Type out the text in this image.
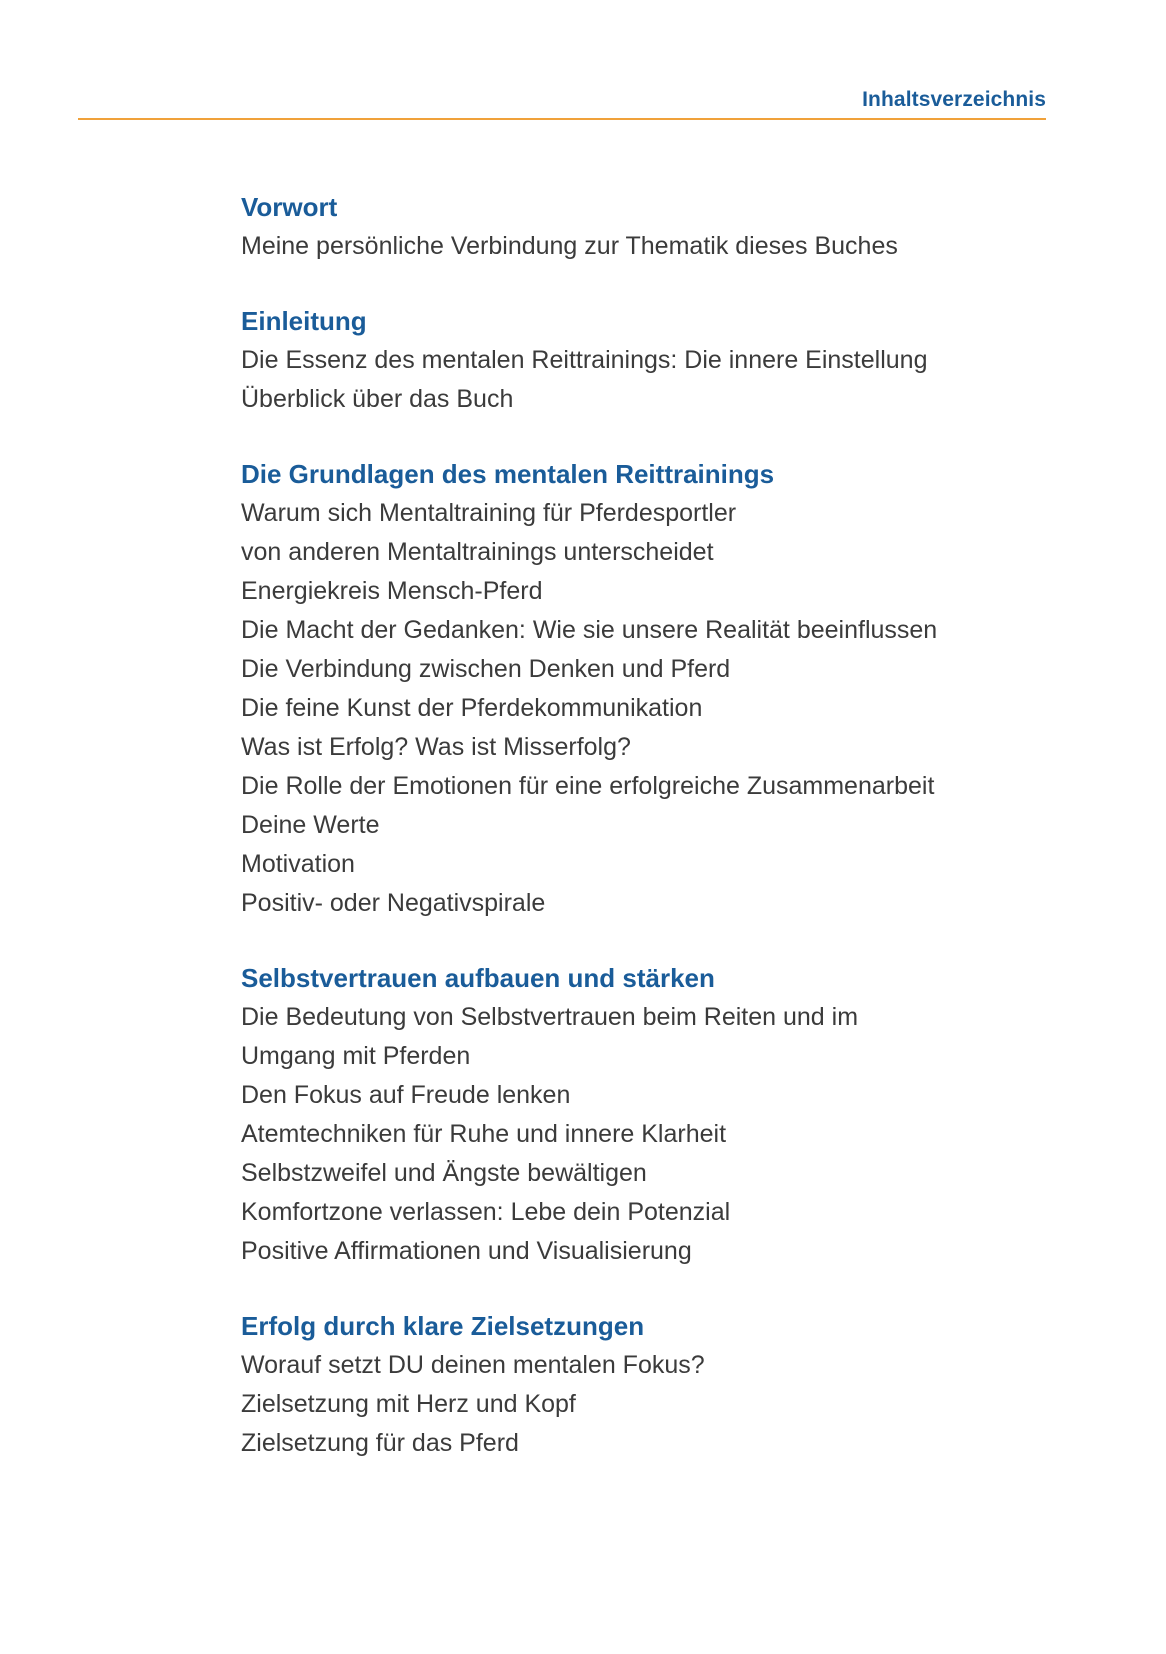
Inhaltsverzeichnis
Vorwort
Meine persönliche Verbindung zur Thematik dieses Buches
Einleitung
Die Essenz des mentalen Reittrainings: Die innere Einstellung
Überblick über das Buch
Die Grundlagen des mentalen Reittrainings
Warum sich Mentaltraining für Pferdesportler
von anderen Mentaltrainings unterscheidet
Energiekreis Mensch-Pferd
Die Macht der Gedanken: Wie sie unsere Realität beeinflussen
Die Verbindung zwischen Denken und Pferd
Die feine Kunst der Pferdekommunikation
Was ist Erfolg? Was ist Misserfolg?
Die Rolle der Emotionen für eine erfolgreiche Zusammenarbeit
Deine Werte
Motivation
Positiv- oder Negativspirale
Selbstvertrauen aufbauen und stärken
Die Bedeutung von Selbstvertrauen beim Reiten und im
Umgang mit Pferden
Den Fokus auf Freude lenken
Atemtechniken für Ruhe und innere Klarheit
Selbstzweifel und Ängste bewältigen
Komfortzone verlassen: Lebe dein Potenzial
Positive Affirmationen und Visualisierung
Erfolg durch klare Zielsetzungen
Worauf setzt DU deinen mentalen Fokus?
Zielsetzung mit Herz und Kopf
Zielsetzung für das Pferd
